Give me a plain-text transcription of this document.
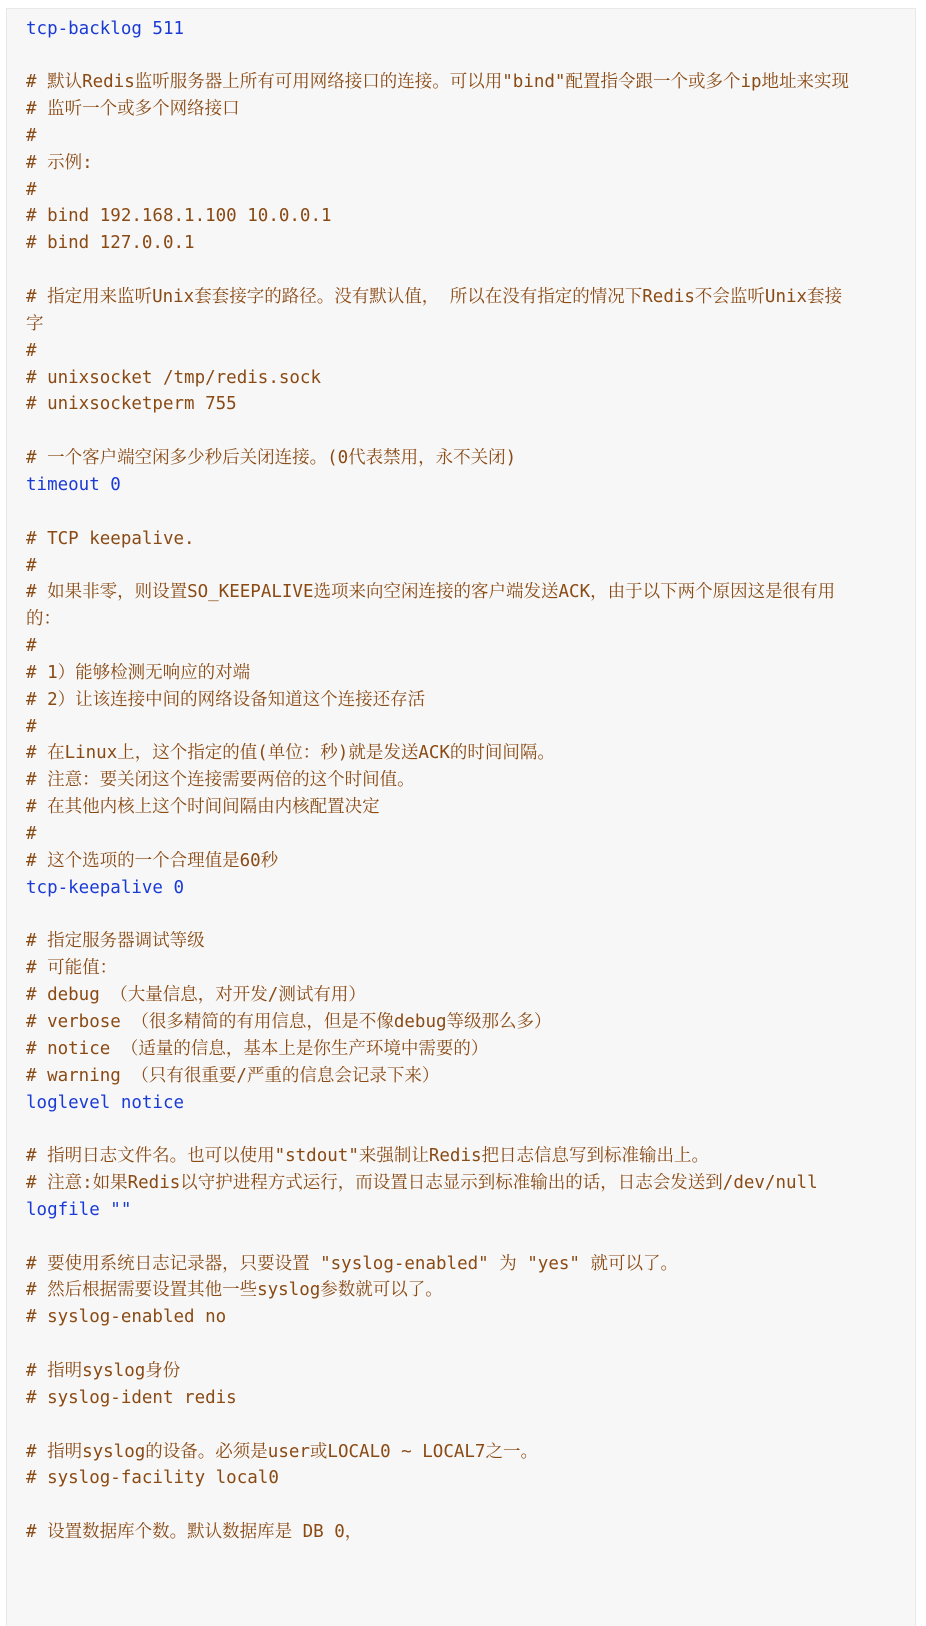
tcp-backlog 511
# 默认Redis监听服务器上所有可用网络接口的连接。可以用"bind"配置指令跟一个或多个ip地址来实现
# 监听一个或多个网络接口
#
# 示例:
#
# bind 192.168.1.100 10.0.0.1
# bind 127.0.0.1
# 指定用来监听Unix套套接字的路径。没有默认值， 所以在没有指定的情况下Redis不会监听Unix套接
字
#
# unixsocket /tmp/redis.sock
# unixsocketperm 755
# 一个客户端空闲多少秒后关闭连接。(0代表禁用，永不关闭)
timeout 0
# TCP keepalive.
#
# 如果非零，则设置SO_KEEPALIVE选项来向空闲连接的客户端发送ACK，由于以下两个原因这是很有用
的：
#
# 1）能够检测无响应的对端
# 2）让该连接中间的网络设备知道这个连接还存活
#
# 在Linux上，这个指定的值(单位：秒)就是发送ACK的时间间隔。
# 注意：要关闭这个连接需要两倍的这个时间值。
# 在其他内核上这个时间间隔由内核配置决定
#
# 这个选项的一个合理值是60秒
tcp-keepalive 0
# 指定服务器调试等级
# 可能值：
# debug （大量信息，对开发/测试有用）
# verbose （很多精简的有用信息，但是不像debug等级那么多）
# notice （适量的信息，基本上是你生产环境中需要的）
# warning （只有很重要/严重的信息会记录下来）
loglevel notice
# 指明日志文件名。也可以使用"stdout"来强制让Redis把日志信息写到标准输出上。
# 注意:如果Redis以守护进程方式运行，而设置日志显示到标准输出的话，日志会发送到/dev/null
logfile ""
# 要使用系统日志记录器，只要设置 "syslog-enabled" 为 "yes" 就可以了。
# 然后根据需要设置其他一些syslog参数就可以了。
# syslog-enabled no
# 指明syslog身份
# syslog-ident redis
# 指明syslog的设备。必须是user或LOCAL0 ~ LOCAL7之一。
# syslog-facility local0
# 设置数据库个数。默认数据库是 DB 0，
